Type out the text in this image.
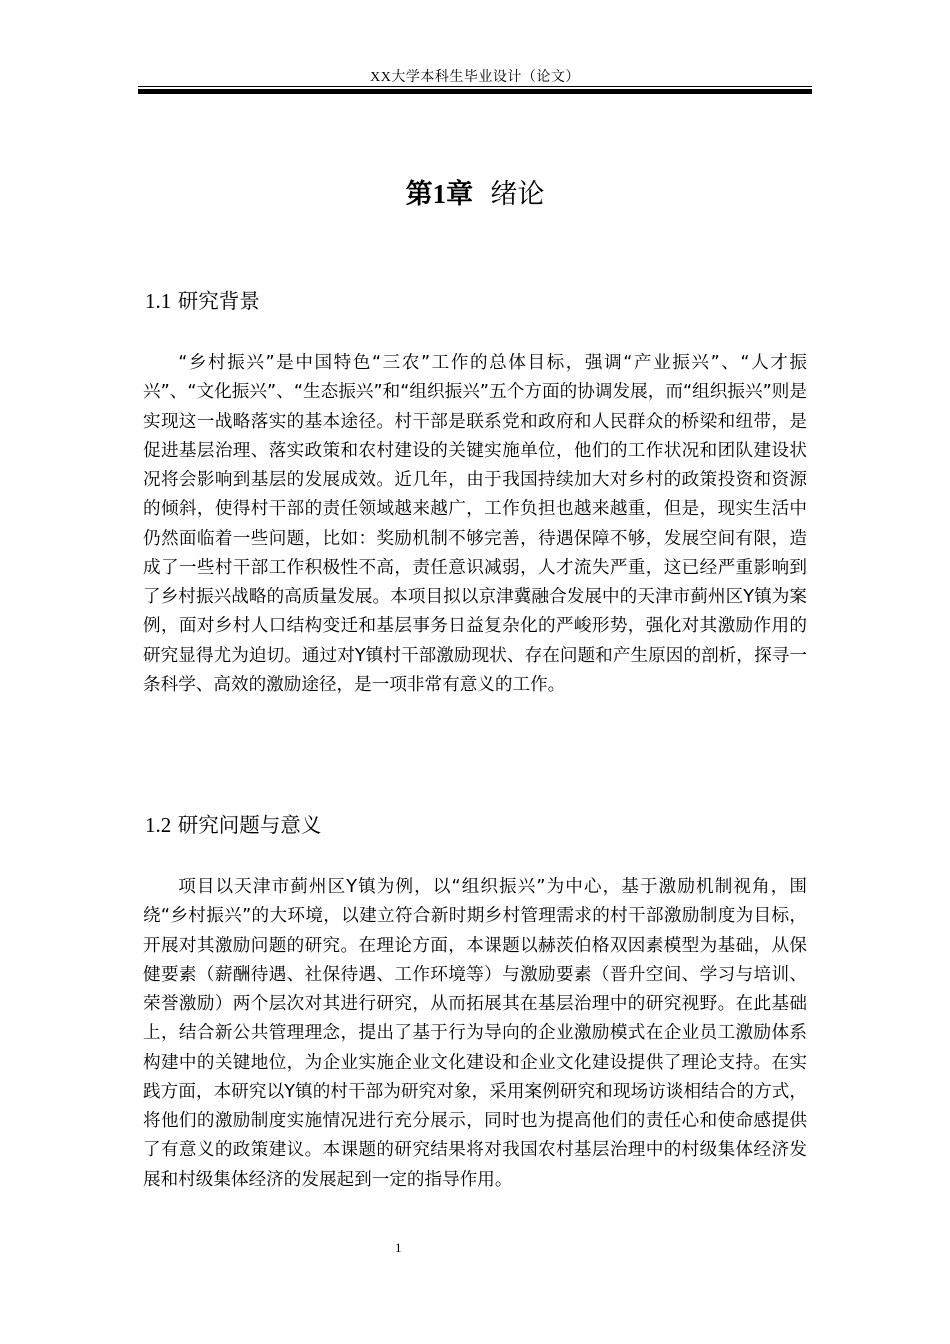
XX大学本科生毕业设计（论文）
第1章 绪论
1.1 研究背景
“乡村振兴”是中国特色“三农”工作的总体目标，强调“产业振兴”、“人才振兴”、“文化振兴”、“生态振兴”和“组织振兴”五个方面的协调发展，而“组织振兴”则是实现这一战略落实的基本途径。村干部是联系党和政府和人民群众的桥梁和纽带，是促进基层治理、落实政策和农村建设的关键实施单位，他们的工作状况和团队建设状况将会影响到基层的发展成效。近几年，由于我国持续加大对乡村的政策投资和资源的倾斜，使得村干部的责任领域越来越广，工作负担也越来越重，但是，现实生活中仍然面临着一些问题，比如：奖励机制不够完善，待遇保障不够，发展空间有限，造成了一些村干部工作积极性不高，责任意识减弱，人才流失严重，这已经严重影响到了乡村振兴战略的高质量发展。本项目拟以京津冀融合发展中的天津市蓟州区Y镇为案例，面对乡村人口结构变迁和基层事务日益复杂化的严峻形势，强化对其激励作用的研究显得尤为迫切。通过对Y镇村干部激励现状、存在问题和产生原因的剖析，探寻一条科学、高效的激励途径，是一项非常有意义的工作。
1.2 研究问题与意义
项目以天津市蓟州区Y镇为例，以“组织振兴”为中心，基于激励机制视角，围绕“乡村振兴”的大环境，以建立符合新时期乡村管理需求的村干部激励制度为目标，开展对其激励问题的研究。在理论方面，本课题以赫茨伯格双因素模型为基础，从保健要素（薪酬待遇、社保待遇、工作环境等）与激励要素（晋升空间、学习与培训、荣誉激励）两个层次对其进行研究，从而拓展其在基层治理中的研究视野。在此基础上，结合新公共管理理念，提出了基于行为导向的企业激励模式在企业员工激励体系构建中的关键地位，为企业实施企业文化建设和企业文化建设提供了理论支持。在实践方面，本研究以Y镇的村干部为研究对象，采用案例研究和现场访谈相结合的方式，将他们的激励制度实施情况进行充分展示，同时也为提高他们的责任心和使命感提供了有意义的政策建议。本课题的研究结果将对我国农村基层治理中的村级集体经济发展和村级集体经济的发展起到一定的指导作用。
1
